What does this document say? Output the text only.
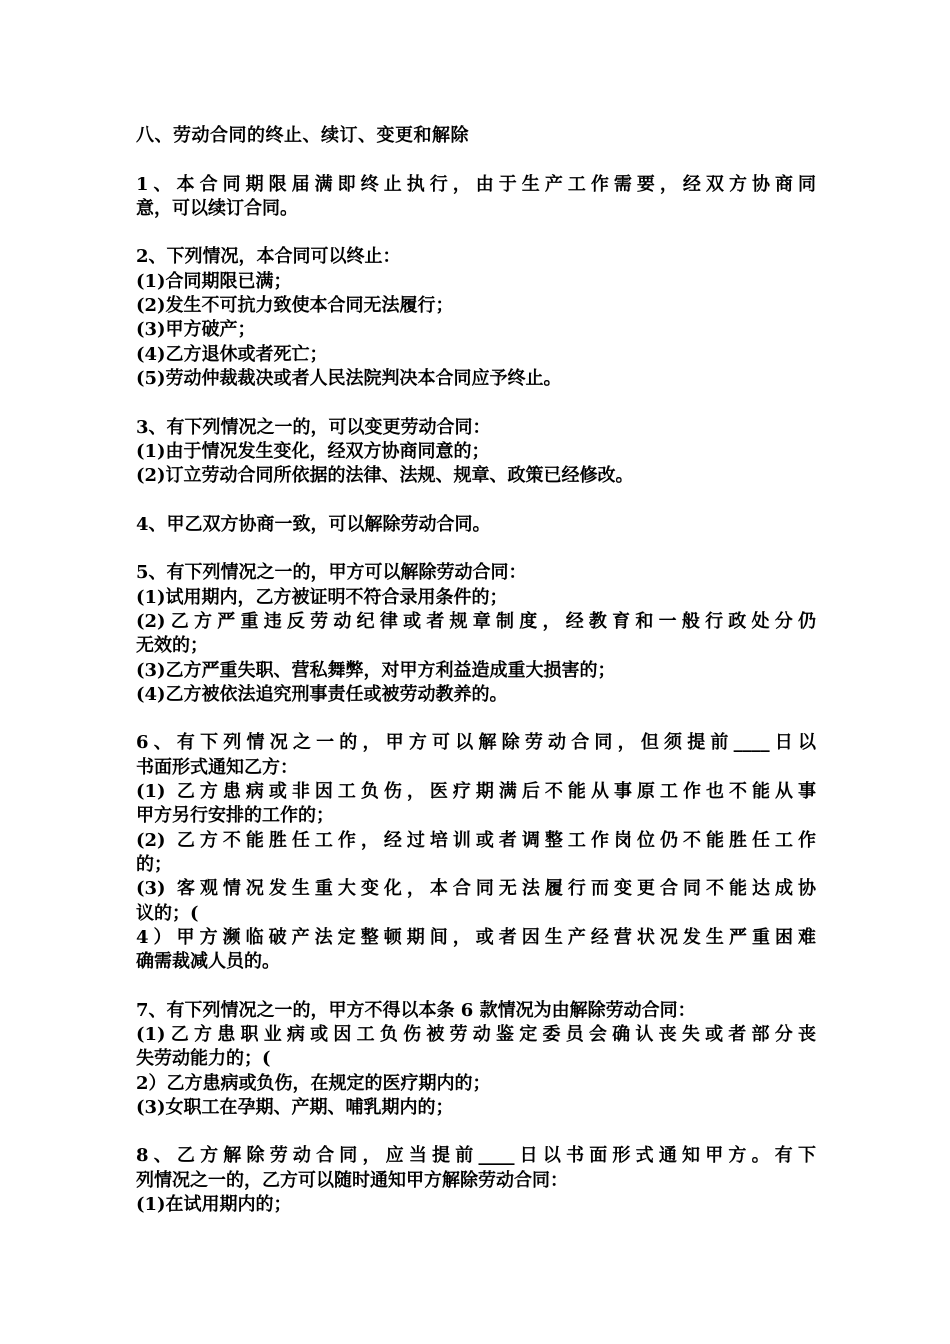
八、劳动合同的终止、续订、变更和解除
1、本合同期限届满即终止执行，由于生产工作需要，经双方协商同
意，可以续订合同。
2、下列情况，本合同可以终止：
(1)合同期限已满；
(2)发生不可抗力致使本合同无法履行；
(3)甲方破产；
(4)乙方退休或者死亡；
(5)劳动仲裁裁决或者人民法院判决本合同应予终止。
3、有下列情况之一的，可以变更劳动合同：
(1)由于情况发生变化，经双方协商同意的；
(2)订立劳动合同所依据的法律、法规、规章、政策已经修改。
4、甲乙双方协商一致，可以解除劳动合同。
5、有下列情况之一的，甲方可以解除劳动合同：
(1)试用期内，乙方被证明不符合录用条件的；
(2)乙方严重违反劳动纪律或者规章制度，经教育和一般行政处分仍
无效的；
(3)乙方严重失职、营私舞弊，对甲方利益造成重大损害的；
(4)乙方被依法追究刑事责任或被劳动教养的。
6、有下列情况之一的，甲方可以解除劳动合同，但须提前____日以
书面形式通知乙方：
(1) 乙方患病或非因工负伤，医疗期满后不能从事原工作也不能从事
甲方另行安排的工作的；
(2) 乙方不能胜任工作，经过培训或者调整工作岗位仍不能胜任工作
的；
(3) 客观情况发生重大变化，本合同无法履行而变更合同不能达成协
议的；(
4）甲方濒临破产法定整顿期间，或者因生产经营状况发生严重困难
确需裁减人员的。
7、有下列情况之一的，甲方不得以本条 6 款情况为由解除劳动合同：
(1)乙方患职业病或因工负伤被劳动鉴定委员会确认丧失或者部分丧
失劳动能力的；(
2）乙方患病或负伤，在规定的医疗期内的；
(3)女职工在孕期、产期、哺乳期内的；
8、乙方解除劳动合同，应当提前____日以书面形式通知甲方。有下
列情况之一的，乙方可以随时通知甲方解除劳动合同：
(1)在试用期内的；
